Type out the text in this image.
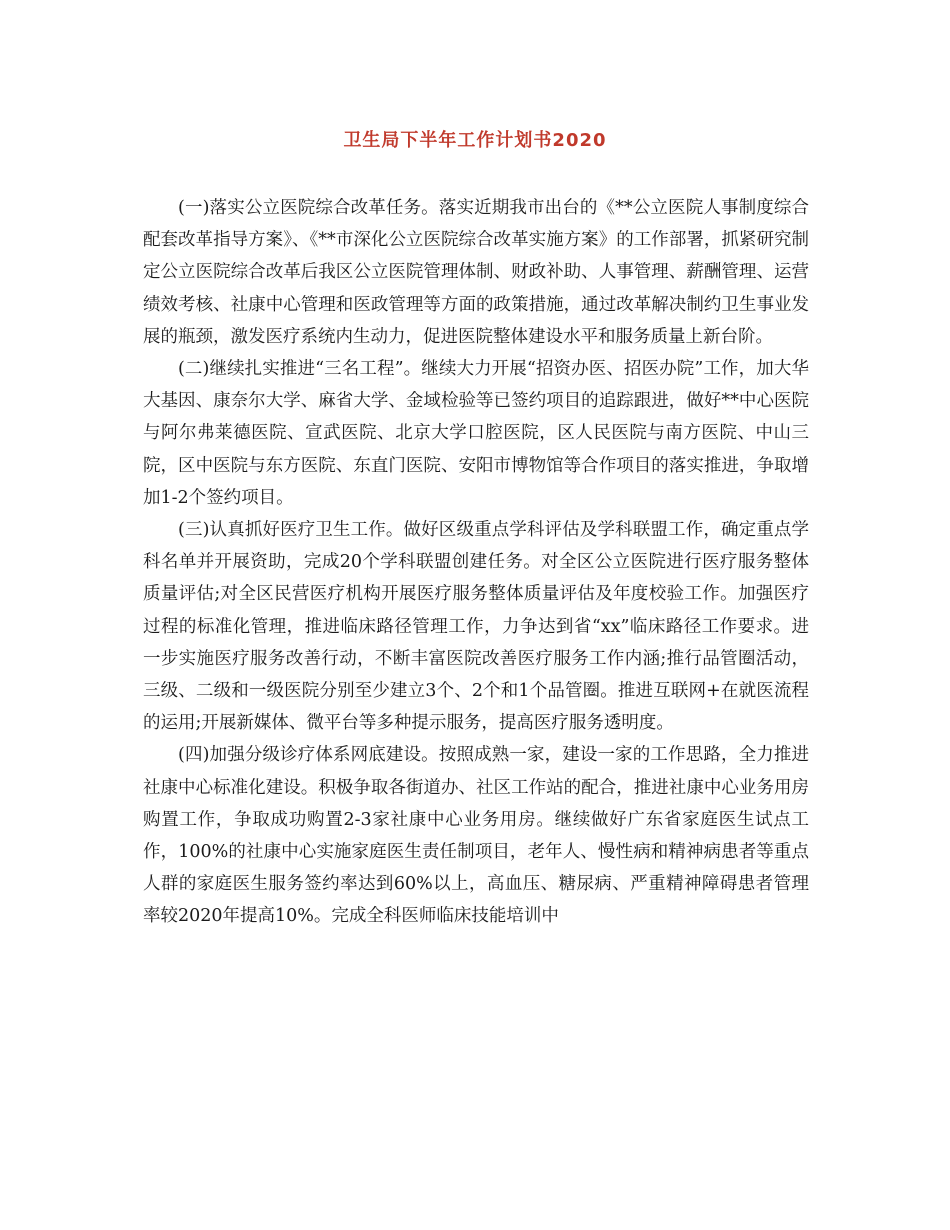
卫生局下半年工作计划书2020

(一)落实公立医院综合改革任务。落实近期我市出台的《**公立医院人事制度综合配套改革指导方案》、《**市深化公立医院综合改革实施方案》的工作部署，抓紧研究制定公立医院综合改革后我区公立医院管理体制、财政补助、人事管理、薪酬管理、运营绩效考核、社康中心管理和医政管理等方面的政策措施，通过改革解决制约卫生事业发展的瓶颈，激发医疗系统内生动力，促进医院整体建设水平和服务质量上新台阶。

(二)继续扎实推进“三名工程”。继续大力开展“招资办医、招医办院”工作，加大华大基因、康奈尔大学、麻省大学、金域检验等已签约项目的追踪跟进，做好**中心医院与阿尔弗莱德医院、宣武医院、北京大学口腔医院，区人民医院与南方医院、中山三院，区中医院与东方医院、东直门医院、安阳市博物馆等合作项目的落实推进，争取增加1-2个签约项目。

(三)认真抓好医疗卫生工作。做好区级重点学科评估及学科联盟工作，确定重点学科名单并开展资助，完成20个学科联盟创建任务。对全区公立医院进行医疗服务整体质量评估;对全区民营医疗机构开展医疗服务整体质量评估及年度校验工作。加强医疗过程的标准化管理，推进临床路径管理工作，力争达到省“xx”临床路径工作要求。进一步实施医疗服务改善行动，不断丰富医院改善医疗服务工作内涵;推行品管圈活动，三级、二级和一级医院分别至少建立3个、2个和1个品管圈。推进互联网+在就医流程的运用;开展新媒体、微平台等多种提示服务，提高医疗服务透明度。

(四)加强分级诊疗体系网底建设。按照成熟一家，建设一家的工作思路，全力推进社康中心标准化建设。积极争取各街道办、社区工作站的配合，推进社康中心业务用房购置工作，争取成功购置2-3家社康中心业务用房。继续做好广东省家庭医生试点工作，100%的社康中心实施家庭医生责任制项目，老年人、慢性病和精神病患者等重点人群的家庭医生服务签约率达到60%以上，高血压、糖尿病、严重精神障碍患者管理率较2020年提高10%。完成全科医师临床技能培训中
